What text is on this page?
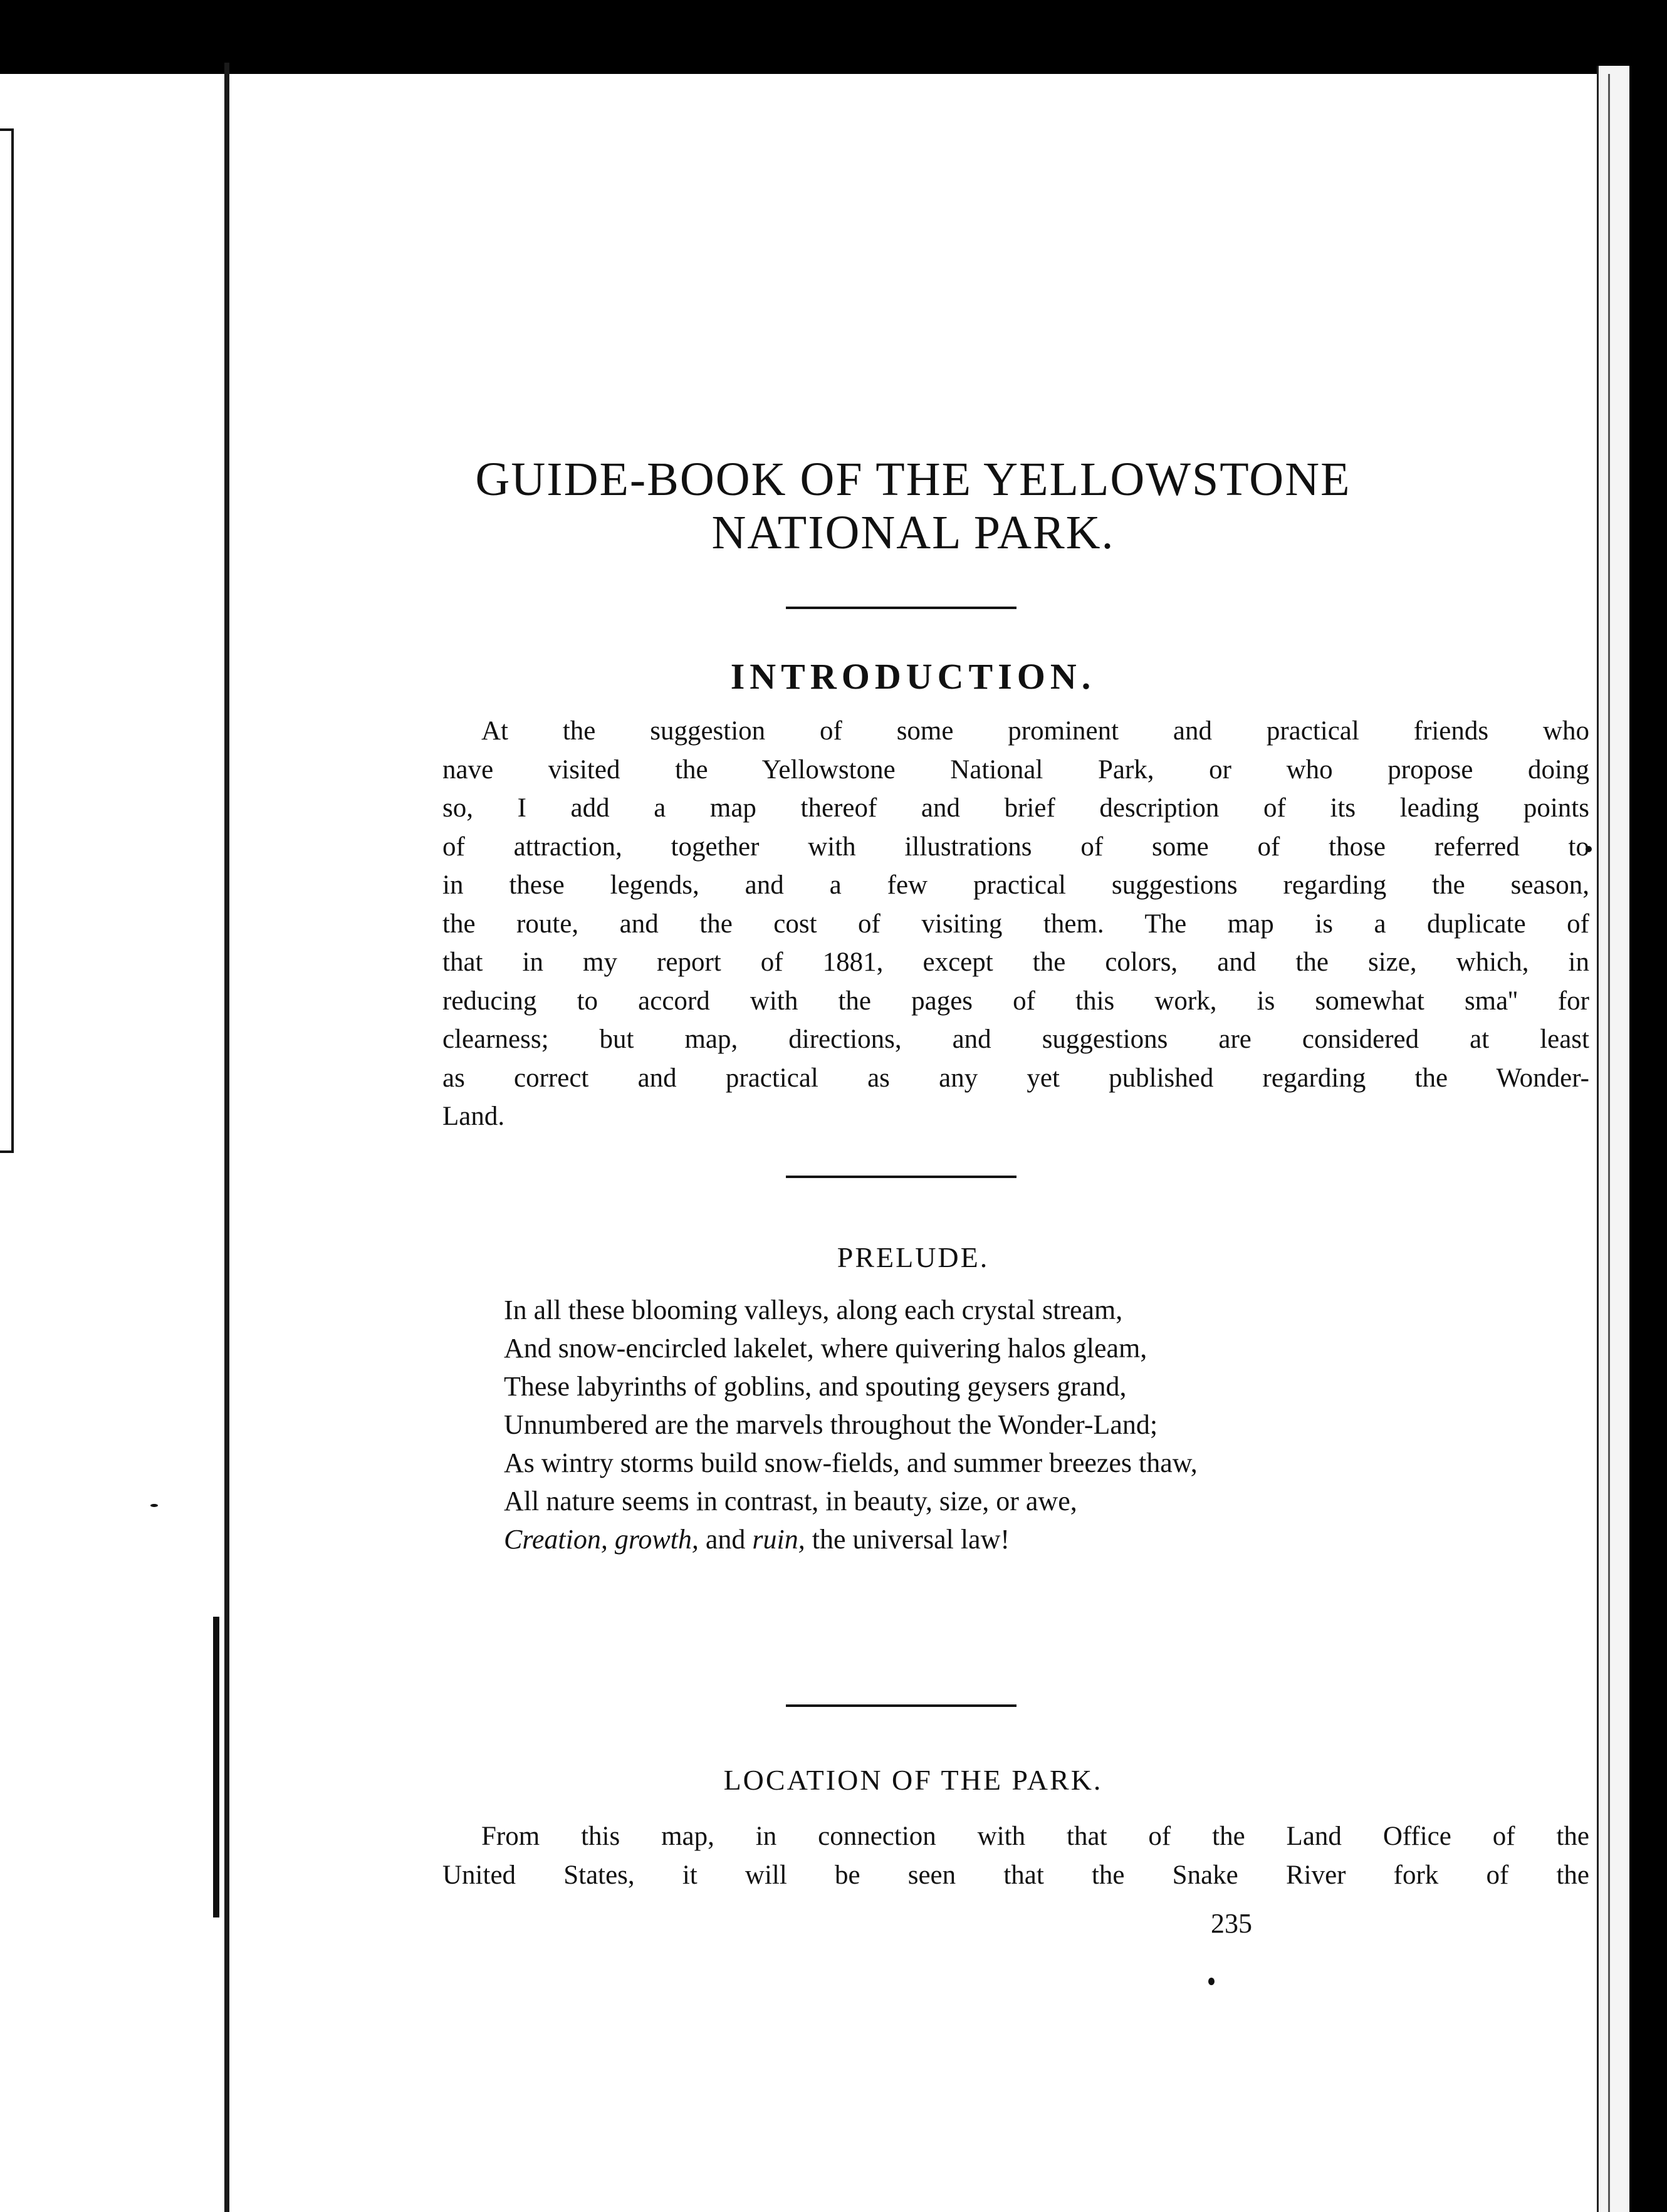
GUIDE-BOOK OF THE YELLOWSTONE
NATIONAL PARK.
INTRODUCTION.
At the suggestion of some prominent and practical friends who
nave visited the Yellowstone National Park, or who propose doing
so, I add a map thereof and brief description of its leading points
of attraction, together with illustrations of some of those referred to
in these legends, and a few practical suggestions regarding the season,
the route, and the cost of visiting them. The map is a duplicate of
that in my report of 1881, except the colors, and the size, which, in
reducing to accord with the pages of this work, is somewhat sma'' for
clearness; but map, directions, and suggestions are considered at least
as correct and practical as any yet published regarding the Wonder-
Land.
PRELUDE.
In all these blooming valleys, along each crystal stream,
And snow-encircled lakelet, where quivering halos gleam,
These labyrinths of goblins, and spouting geysers grand,
Unnumbered are the marvels throughout the Wonder-Land;
As wintry storms build snow-fields, and summer breezes thaw,
All nature seems in contrast, in beauty, size, or awe,
Creation, growth, and ruin, the universal law!
LOCATION OF THE PARK.
From this map, in connection with that of the Land Office of the
United States, it will be seen that the Snake River fork of the

235
